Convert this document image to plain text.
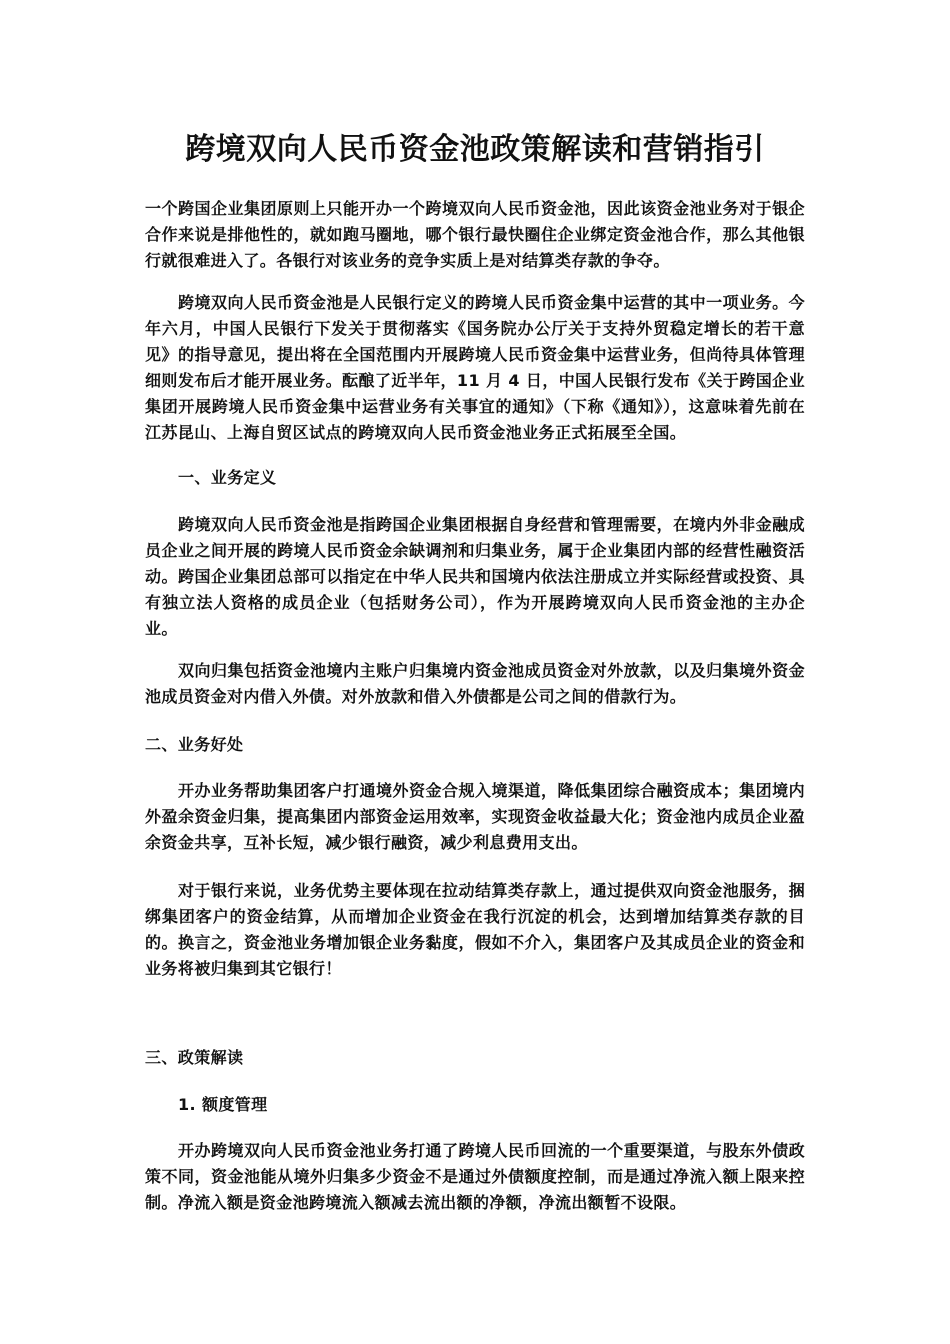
跨境双向人民币资金池政策解读和营销指引

一个跨国企业集团原则上只能开办一个跨境双向人民币资金池，因此该资金池业务对于银企合作来说是排他性的，就如跑马圈地，哪个银行最快圈住企业绑定资金池合作，那么其他银行就很难进入了。各银行对该业务的竞争实质上是对结算类存款的争夺。

跨境双向人民币资金池是人民银行定义的跨境人民币资金集中运营的其中一项业务。今年六月，中国人民银行下发关于贯彻落实《国务院办公厅关于支持外贸稳定增长的若干意见》的指导意见，提出将在全国范围内开展跨境人民币资金集中运营业务，但尚待具体管理细则发布后才能开展业务。酝酿了近半年，11 月 4 日，中国人民银行发布《关于跨国企业集团开展跨境人民币资金集中运营业务有关事宜的通知》（下称《通知》），这意味着先前在江苏昆山、上海自贸区试点的跨境双向人民币资金池业务正式拓展至全国。

一、业务定义

跨境双向人民币资金池是指跨国企业集团根据自身经营和管理需要，在境内外非金融成员企业之间开展的跨境人民币资金余缺调剂和归集业务，属于企业集团内部的经营性融资活动。跨国企业集团总部可以指定在中华人民共和国境内依法注册成立并实际经营或投资、具有独立法人资格的成员企业（包括财务公司），作为开展跨境双向人民币资金池的主办企业。

双向归集包括资金池境内主账户归集境内资金池成员资金对外放款，以及归集境外资金池成员资金对内借入外债。对外放款和借入外债都是公司之间的借款行为。

二、业务好处

开办业务帮助集团客户打通境外资金合规入境渠道，降低集团综合融资成本；集团境内外盈余资金归集，提高集团内部资金运用效率，实现资金收益最大化；资金池内成员企业盈余资金共享，互补长短，减少银行融资，减少利息费用支出。

对于银行来说，业务优势主要体现在拉动结算类存款上，通过提供双向资金池服务，捆绑集团客户的资金结算，从而增加企业资金在我行沉淀的机会，达到增加结算类存款的目的。换言之，资金池业务增加银企业务黏度，假如不介入，集团客户及其成员企业的资金和业务将被归集到其它银行！

三、政策解读
1. 额度管理

开办跨境双向人民币资金池业务打通了跨境人民币回流的一个重要渠道，与股东外债政策不同，资金池能从境外归集多少资金不是通过外债额度控制，而是通过净流入额上限来控制。净流入额是资金池跨境流入额减去流出额的净额，净流出额暂不设限。
